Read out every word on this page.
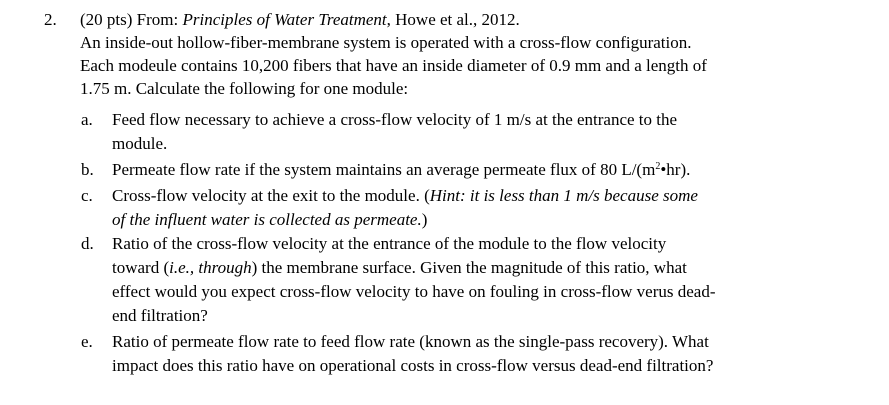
2. (20 pts) From: Principles of Water Treatment, Howe et al., 2012.
An inside-out hollow-fiber-membrane system is operated with a cross-flow configuration.
Each modeule contains 10,200 fibers that have an inside diameter of 0.9 mm and a length of
1.75 m. Calculate the following for one module:
a. Feed flow necessary to achieve a cross-flow velocity of 1 m/s at the entrance to the
module.
b. Permeate flow rate if the system maintains an average permeate flux of 80 $L/(m^2•hr)$.
c. Cross-flow velocity at the exit to the module. (Hint: it is less than 1 m/s because some
of the influent water is collected as permeate.)
d. Ratio of the cross-flow velocity at the entrance of the module to the flow velocity
toward (i.e., through) the membrane surface. Given the magnitude of this ratio, what
effect would you expect cross-flow velocity to have on fouling in cross-flow verus dead-
end filtration?
e. Ratio of permeate flow rate to feed flow rate (known as the single-pass recovery). What
impact does this ratio have on operational costs in cross-flow versus dead-end filtration?
